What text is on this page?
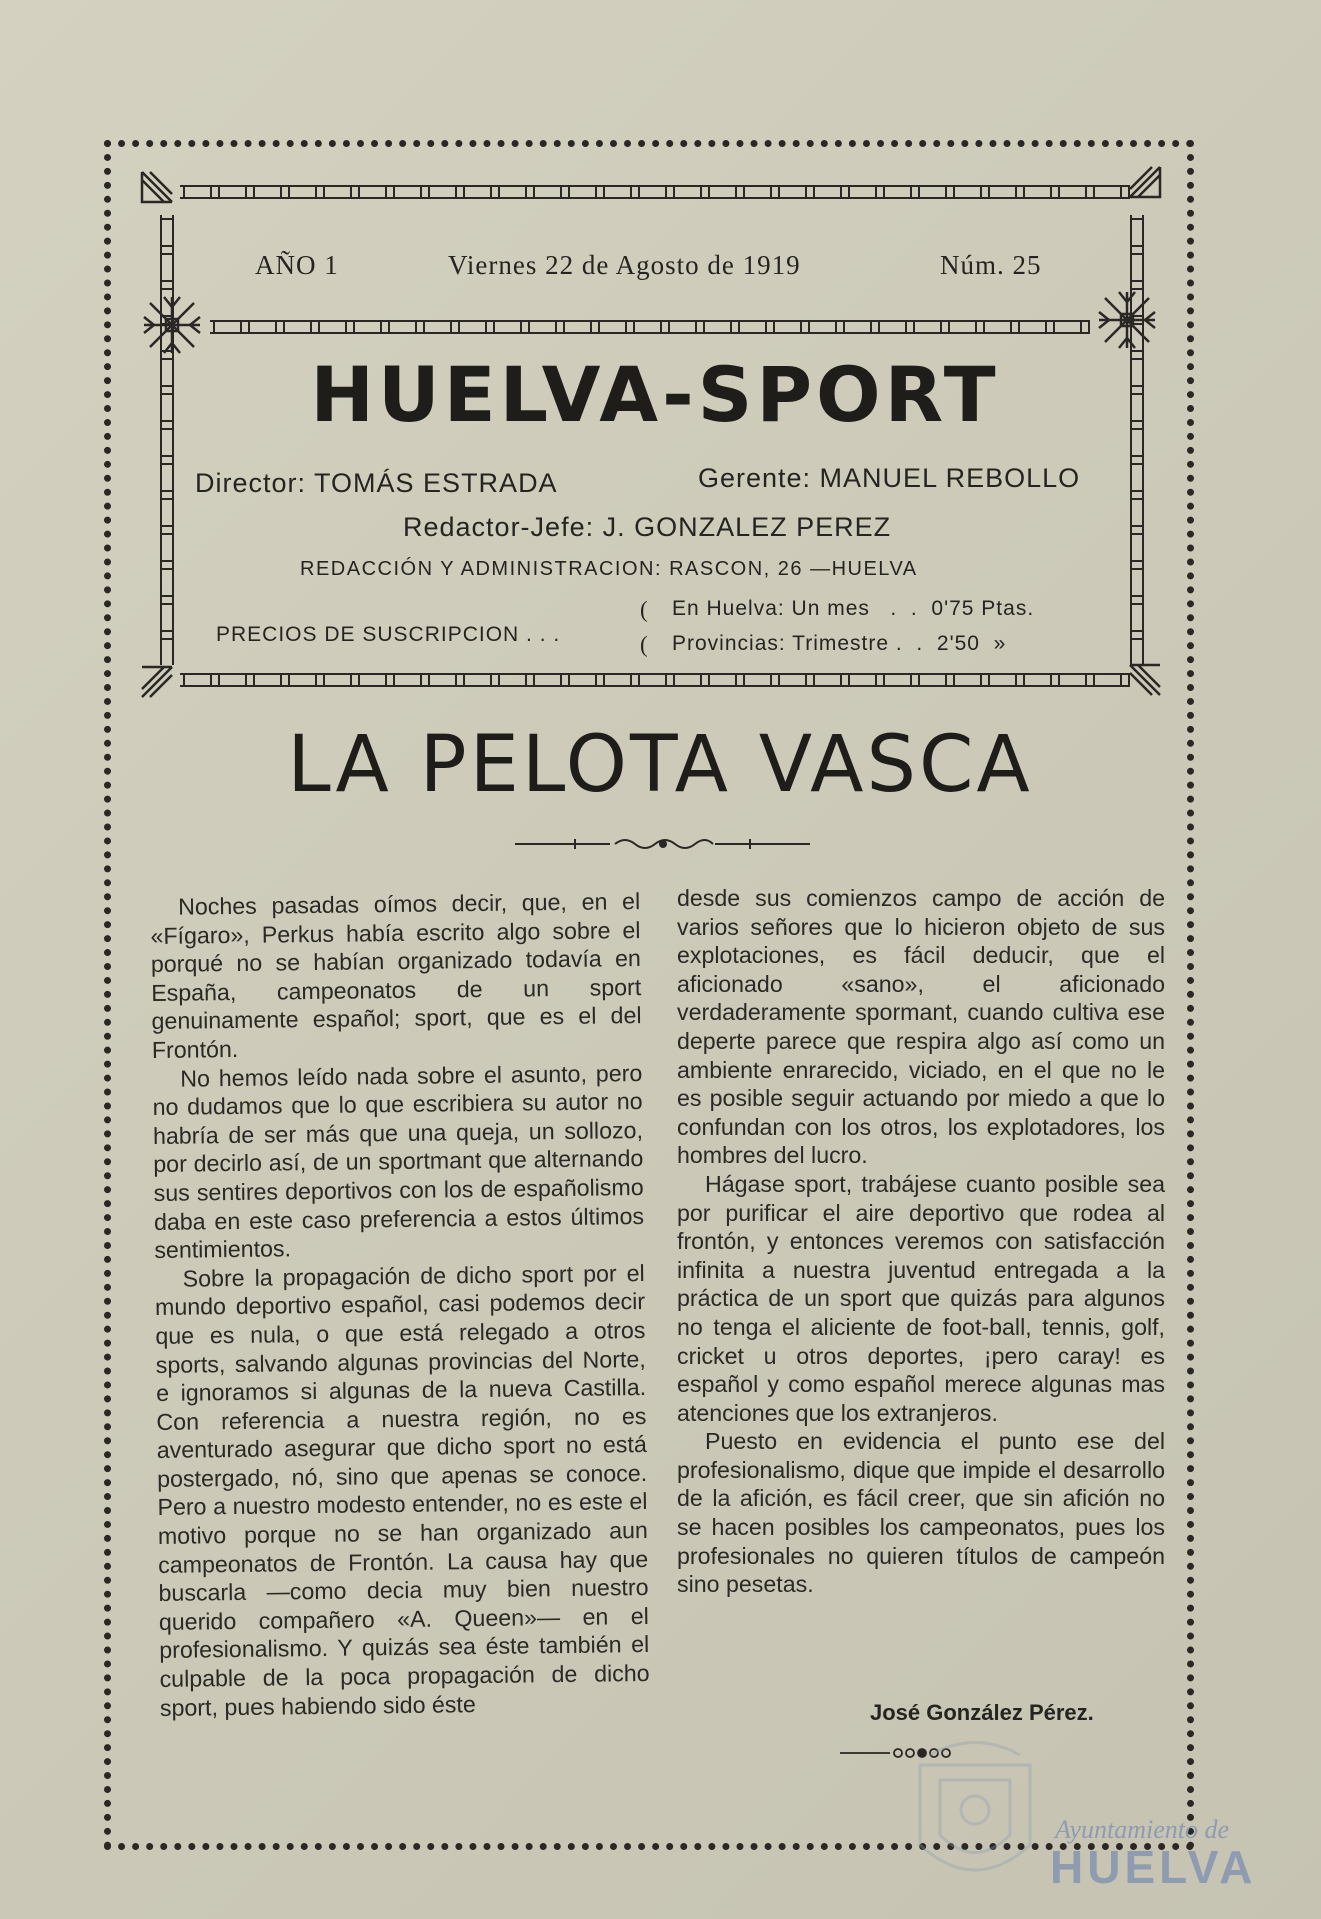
AÑO 1	Viernes 22 de Agosto de 1919	Núm. 25
HUELVA-SPORT
Director: TOMÁS ESTRADA	Gerente: MANUEL REBOLLO
Redactor-Jefe: J. GONZALEZ PEREZ
REDACCIÓN Y ADMINISTRACION: RASCON, 26 —HUELVA
PRECIOS DE SUSCRIPCION . . .
(
(
En Huelva: Un mes   .  .  0'75 Ptas.
Provincias: Trimestre .  .  2'50  »
LA PELOTA VASCA

Noches pasadas oímos decir, que, en el «Fígaro», Perkus había escrito algo sobre el porqué no se habían organizado todavía en España, campeonatos de un sport genuinamente español; sport, que es el del Frontón.

No hemos leído nada sobre el asunto, pero no dudamos que lo que escribiera su autor no habría de ser más que una queja, un sollozo, por decirlo así, de un sportmant que alternando sus sentires deportivos con los de españolismo daba en este caso preferencia a estos últimos sentimientos.

Sobre la propagación de dicho sport por el mundo deportivo español, casi podemos decir que es nula, o que está relegado a otros sports, salvando algunas provincias del Norte, e ignoramos si algunas de la nueva Castilla. Con referencia a nuestra región, no es aventurado asegurar que dicho sport no está postergado, nó, sino que apenas se conoce. Pero a nuestro modesto entender, no es este el motivo porque no se han organizado aun campeonatos de Frontón. La causa hay que buscarla —como decia muy bien nuestro querido compañero «A. Queen»— en el profesionalismo. Y quizás sea éste también el culpable de la poca propagación de dicho sport, pues habiendo sido éste

desde sus comienzos campo de acción de varios señores que lo hicieron objeto de sus explotaciones, es fácil deducir, que el aficionado «sano», el aficionado verdaderamente spormant, cuando cultiva ese deperte parece que respira algo así como un ambiente enrarecido, viciado, en el que no le es posible seguir actuando por miedo a que lo confundan con los otros, los explotadores, los hombres del lucro.

Hágase sport, trabájese cuanto posible sea por purificar el aire deportivo que rodea al frontón, y entonces veremos con satisfacción infinita a nuestra juventud entregada a la práctica de un sport que quizás para algunos no tenga el aliciente de foot-ball, tennis, golf, cricket u otros deportes, ¡pero caray! es español y como español merece algunas mas atenciones que los extranjeros.

Puesto en evidencia el punto ese del profesionalismo, dique que impide el desarrollo de la afición, es fácil creer, que sin afición no se hacen posibles los campeonatos, pues los profesionales no quieren títulos de campeón sino pesetas.

José González Pérez.
Ayuntamiento de
HUELVA
